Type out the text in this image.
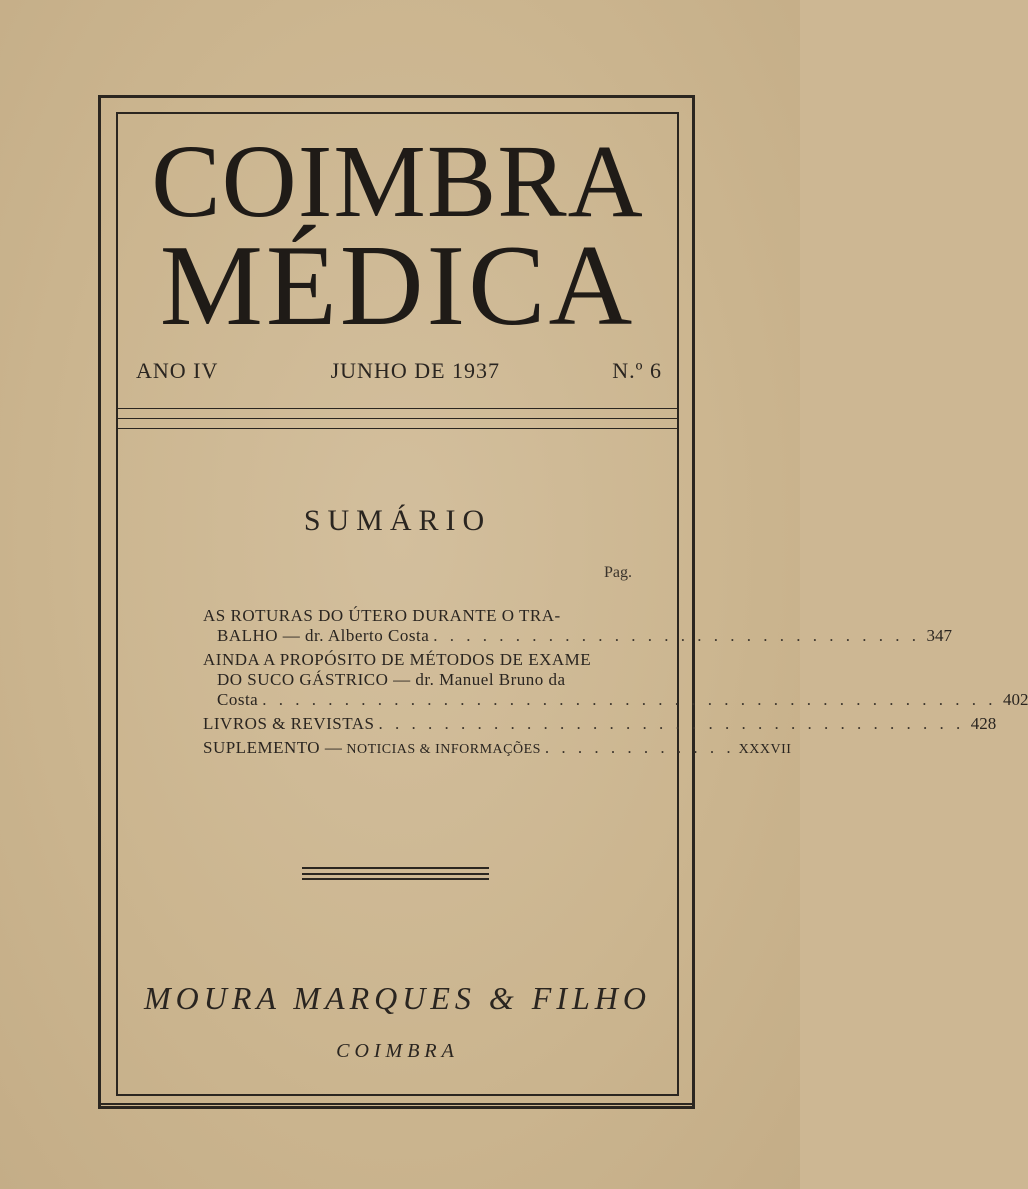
COIMBRA
MÉDICA
ANO IV	JUNHO DE 1937	N.º 6
SUMÁRIO
Pag.
AS ROTURAS DO ÚTERO DURANTE O TRA-
BALHO — dr. Alberto Costa . . . . . . . . . . . . . . . . . . . . . . . . . . . . . . 347
AINDA A PROPÓSITO DE MÉTODOS DE EXAME
DO SUCO GÁSTRICO — dr. Manuel Bruno da
Costa . . . . . . . . . . . . . . . . . . . . . . . . . . . . . . . . . . . . . . . . . . . . . 402
LIVROS & REVISTAS . . . . . . . . . . . . . . . . . . . . . . . . . . . . . . . . . . . . 428
SUPLEMENTO — NOTICIAS & INFORMAÇÕES . . . . . . . . . . . . XXXVII
MOURA MARQUES & FILHO
COIMBRA
